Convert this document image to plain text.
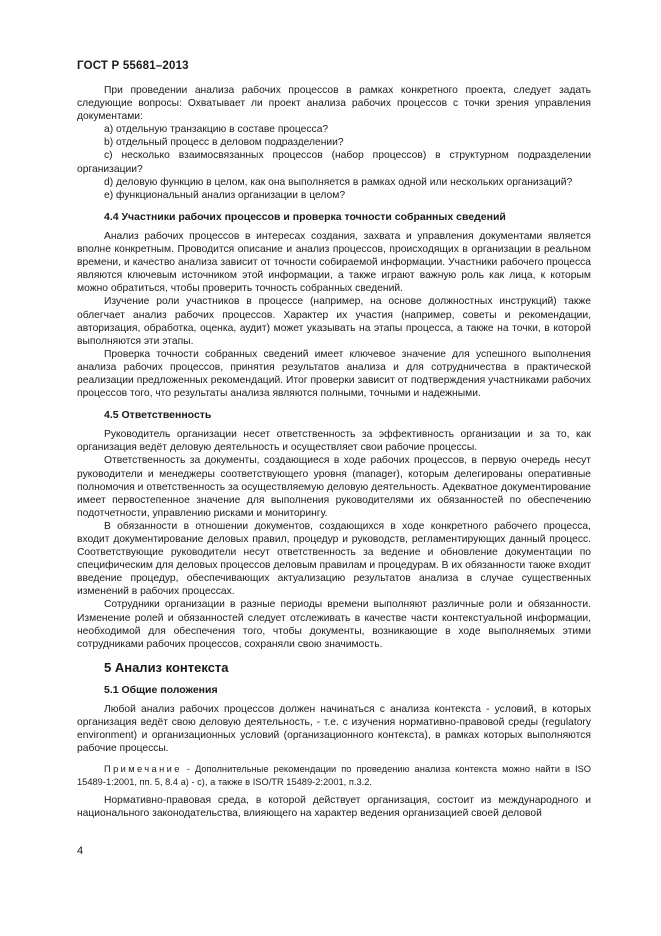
ГОСТ Р 55681–2013

При проведении анализа рабочих процессов в рамках конкретного проекта, следует задать следующие вопросы: Охватывает ли проект анализа рабочих процессов с точки зрения управления документами:

a) отдельную транзакцию в составе процесса?

b) отдельный процесс в деловом подразделении?

c) несколько взаимосвязанных процессов (набор процессов) в структурном подразделении организации?

d) деловую функцию в целом, как она выполняется в рамках одной или нескольких организаций?

e) функциональный анализ организации в целом?

4.4 Участники рабочих процессов и проверка точности собранных сведений

Анализ рабочих процессов в интересах создания, захвата и управления документами является вполне конкретным. Проводится описание и анализ процессов, происходящих в организации в реальном времени, и качество анализа зависит от точности собираемой информации. Участники рабочего процесса являются ключевым источником этой информации, а также играют важную роль как лица, к которым можно обратиться, чтобы проверить точность собранных сведений.

Изучение роли участников в процессе (например, на основе должностных инструкций) также облегчает анализ рабочих процессов. Характер их участия (например, советы и рекомендации, авторизация, обработка, оценка, аудит) может указывать на этапы процесса, а также на точки, в которой выполняются эти этапы.

Проверка точности собранных сведений имеет ключевое значение для успешного выполнения анализа рабочих процессов, принятия результатов анализа и для сотрудничества в практической реализации предложенных рекомендаций. Итог проверки зависит от подтверждения участниками рабочих процессов того, что результаты анализа являются полными, точными и надежными.

4.5 Ответственность

Руководитель организации несет ответственность за эффективность организации и за то, как организация ведёт деловую деятельность и осуществляет свои рабочие процессы.

Ответственность за документы, создающиеся в ходе рабочих процессов, в первую очередь несут руководители и менеджеры соответствующего уровня (manager), которым делегированы оперативные полномочия и ответственность за осуществляемую деловую деятельность. Адекватное документирование имеет первостепенное значение для выполнения руководителями их обязанностей по обеспечению подотчетности, управлению рисками и мониторингу.

В обязанности в отношении документов, создающихся в ходе конкретного рабочего процесса, входит документирование деловых правил, процедур и руководств, регламентирующих данный процесс. Соответствующие руководители несут ответственность за ведение и обновление документации по специфическим для деловых процессов деловым правилам и процедурам. В их обязанности также входит введение процедур, обеспечивающих актуализацию результатов анализа в случае существенных изменений в рабочих процессах.

Сотрудники организации в разные периоды времени выполняют различные роли и обязанности. Изменение ролей и обязанностей следует отслеживать в качестве части контекстуальной информации, необходимой для обеспечения того, чтобы документы, возникающие в ходе выполняемых этими сотрудниками рабочих процессов, сохраняли свою значимость.

5 Анализ контекста
5.1 Общие положения

Любой анализ рабочих процессов должен начинаться с анализа контекста - условий, в которых организация ведёт свою деловую деятельность, - т.е. с изучения нормативно-правовой среды (regulatory environment) и организационных условий (организационного контекста), в рамках которых выполняются рабочие процессы.

Примечание - Дополнительные рекомендации по проведению анализа контекста можно найти в ISO 15489-1:2001, пп. 5, 8.4 a) - c), а также в ISO/TR 15489-2:2001, п.3.2.

Нормативно-правовая среда, в которой действует организация, состоит из международного и национального законодательства, влияющего на характер ведения организацией своей деловой

4
